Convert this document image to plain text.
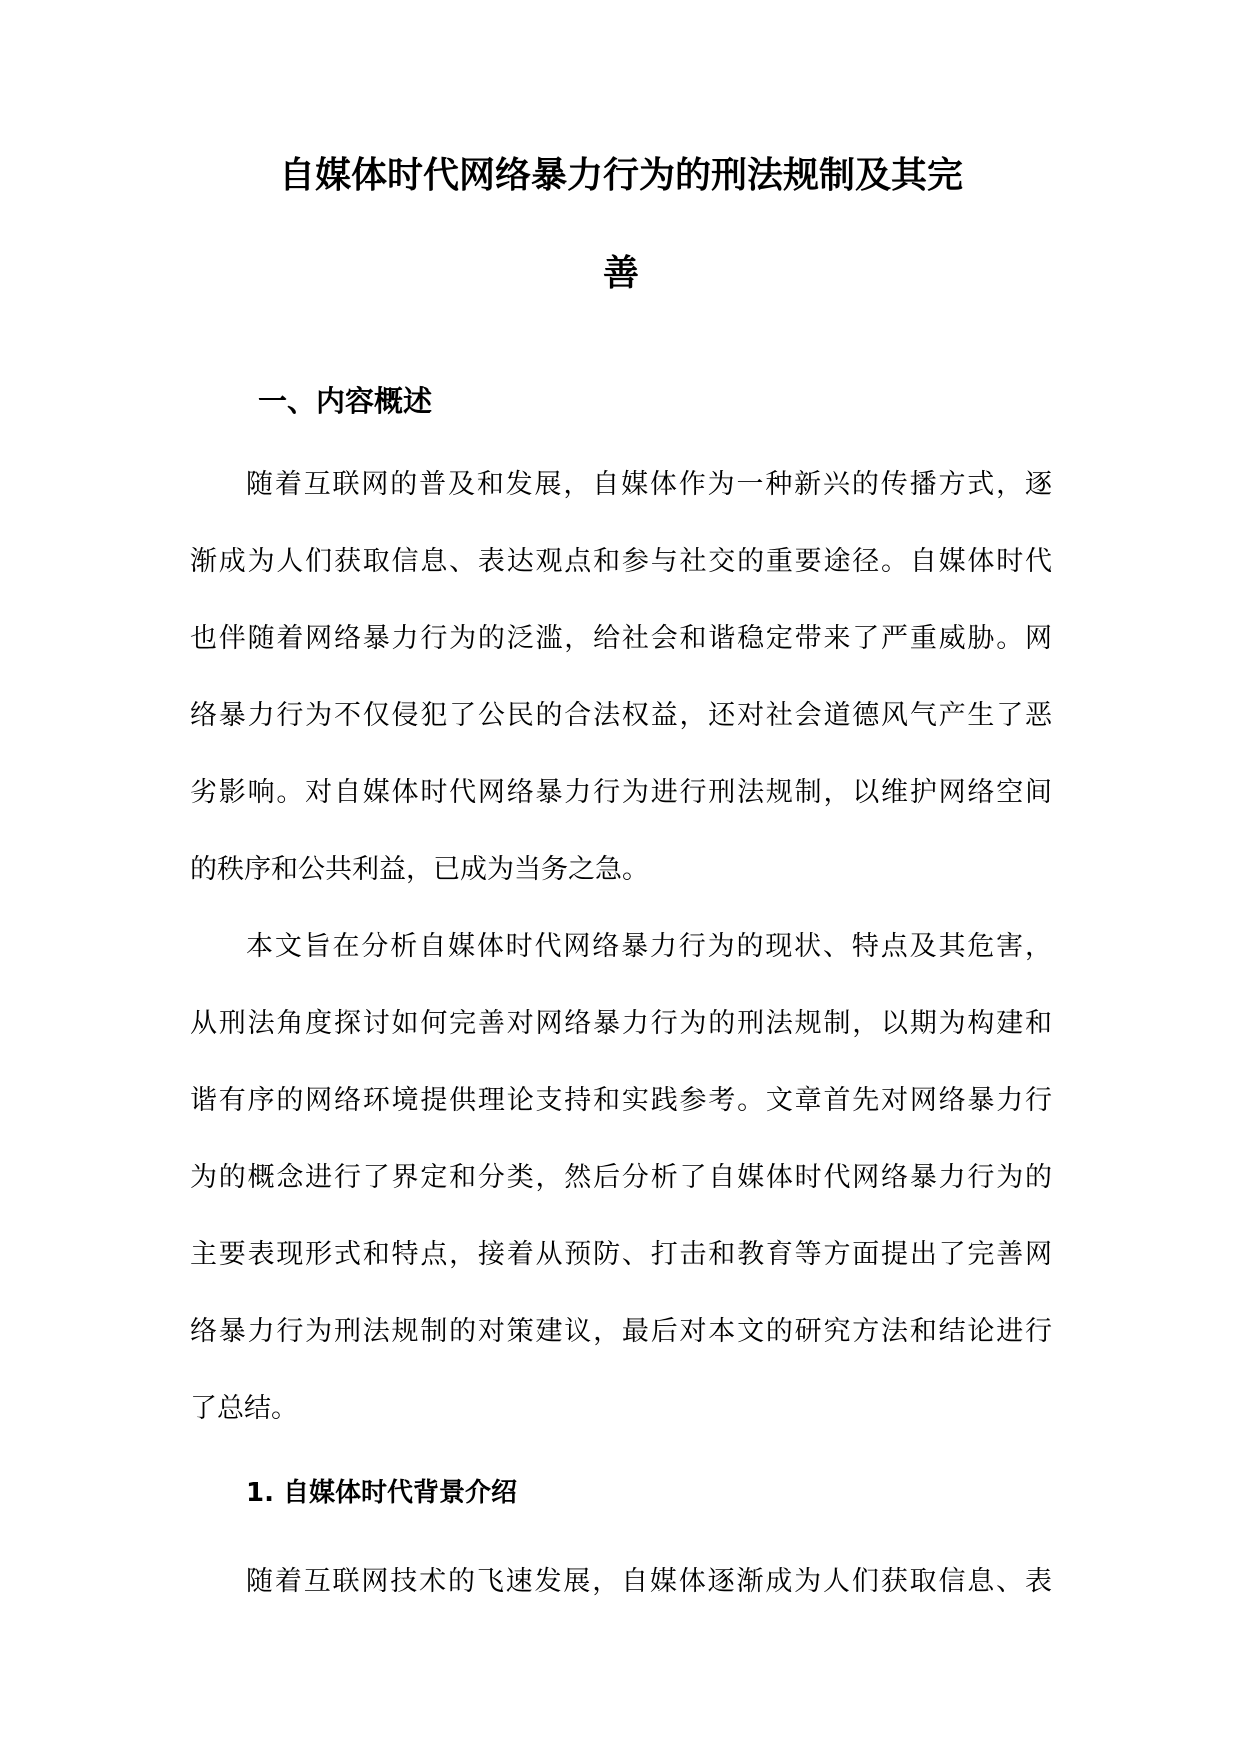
自媒体时代网络暴力行为的刑法规制及其完
善
一、内容概述

随着互联网的普及和发展，自媒体作为一种新兴的传播方式，逐

渐成为人们获取信息、表达观点和参与社交的重要途径。自媒体时代

也伴随着网络暴力行为的泛滥，给社会和谐稳定带来了严重威胁。网

络暴力行为不仅侵犯了公民的合法权益，还对社会道德风气产生了恶

劣影响。对自媒体时代网络暴力行为进行刑法规制，以维护网络空间

的秩序和公共利益，已成为当务之急。

本文旨在分析自媒体时代网络暴力行为的现状、特点及其危害，

从刑法角度探讨如何完善对网络暴力行为的刑法规制，以期为构建和

谐有序的网络环境提供理论支持和实践参考。文章首先对网络暴力行

为的概念进行了界定和分类，然后分析了自媒体时代网络暴力行为的

主要表现形式和特点，接着从预防、打击和教育等方面提出了完善网

络暴力行为刑法规制的对策建议，最后对本文的研究方法和结论进行

了总结。

1. 自媒体时代背景介绍

随着互联网技术的飞速发展，自媒体逐渐成为人们获取信息、表
